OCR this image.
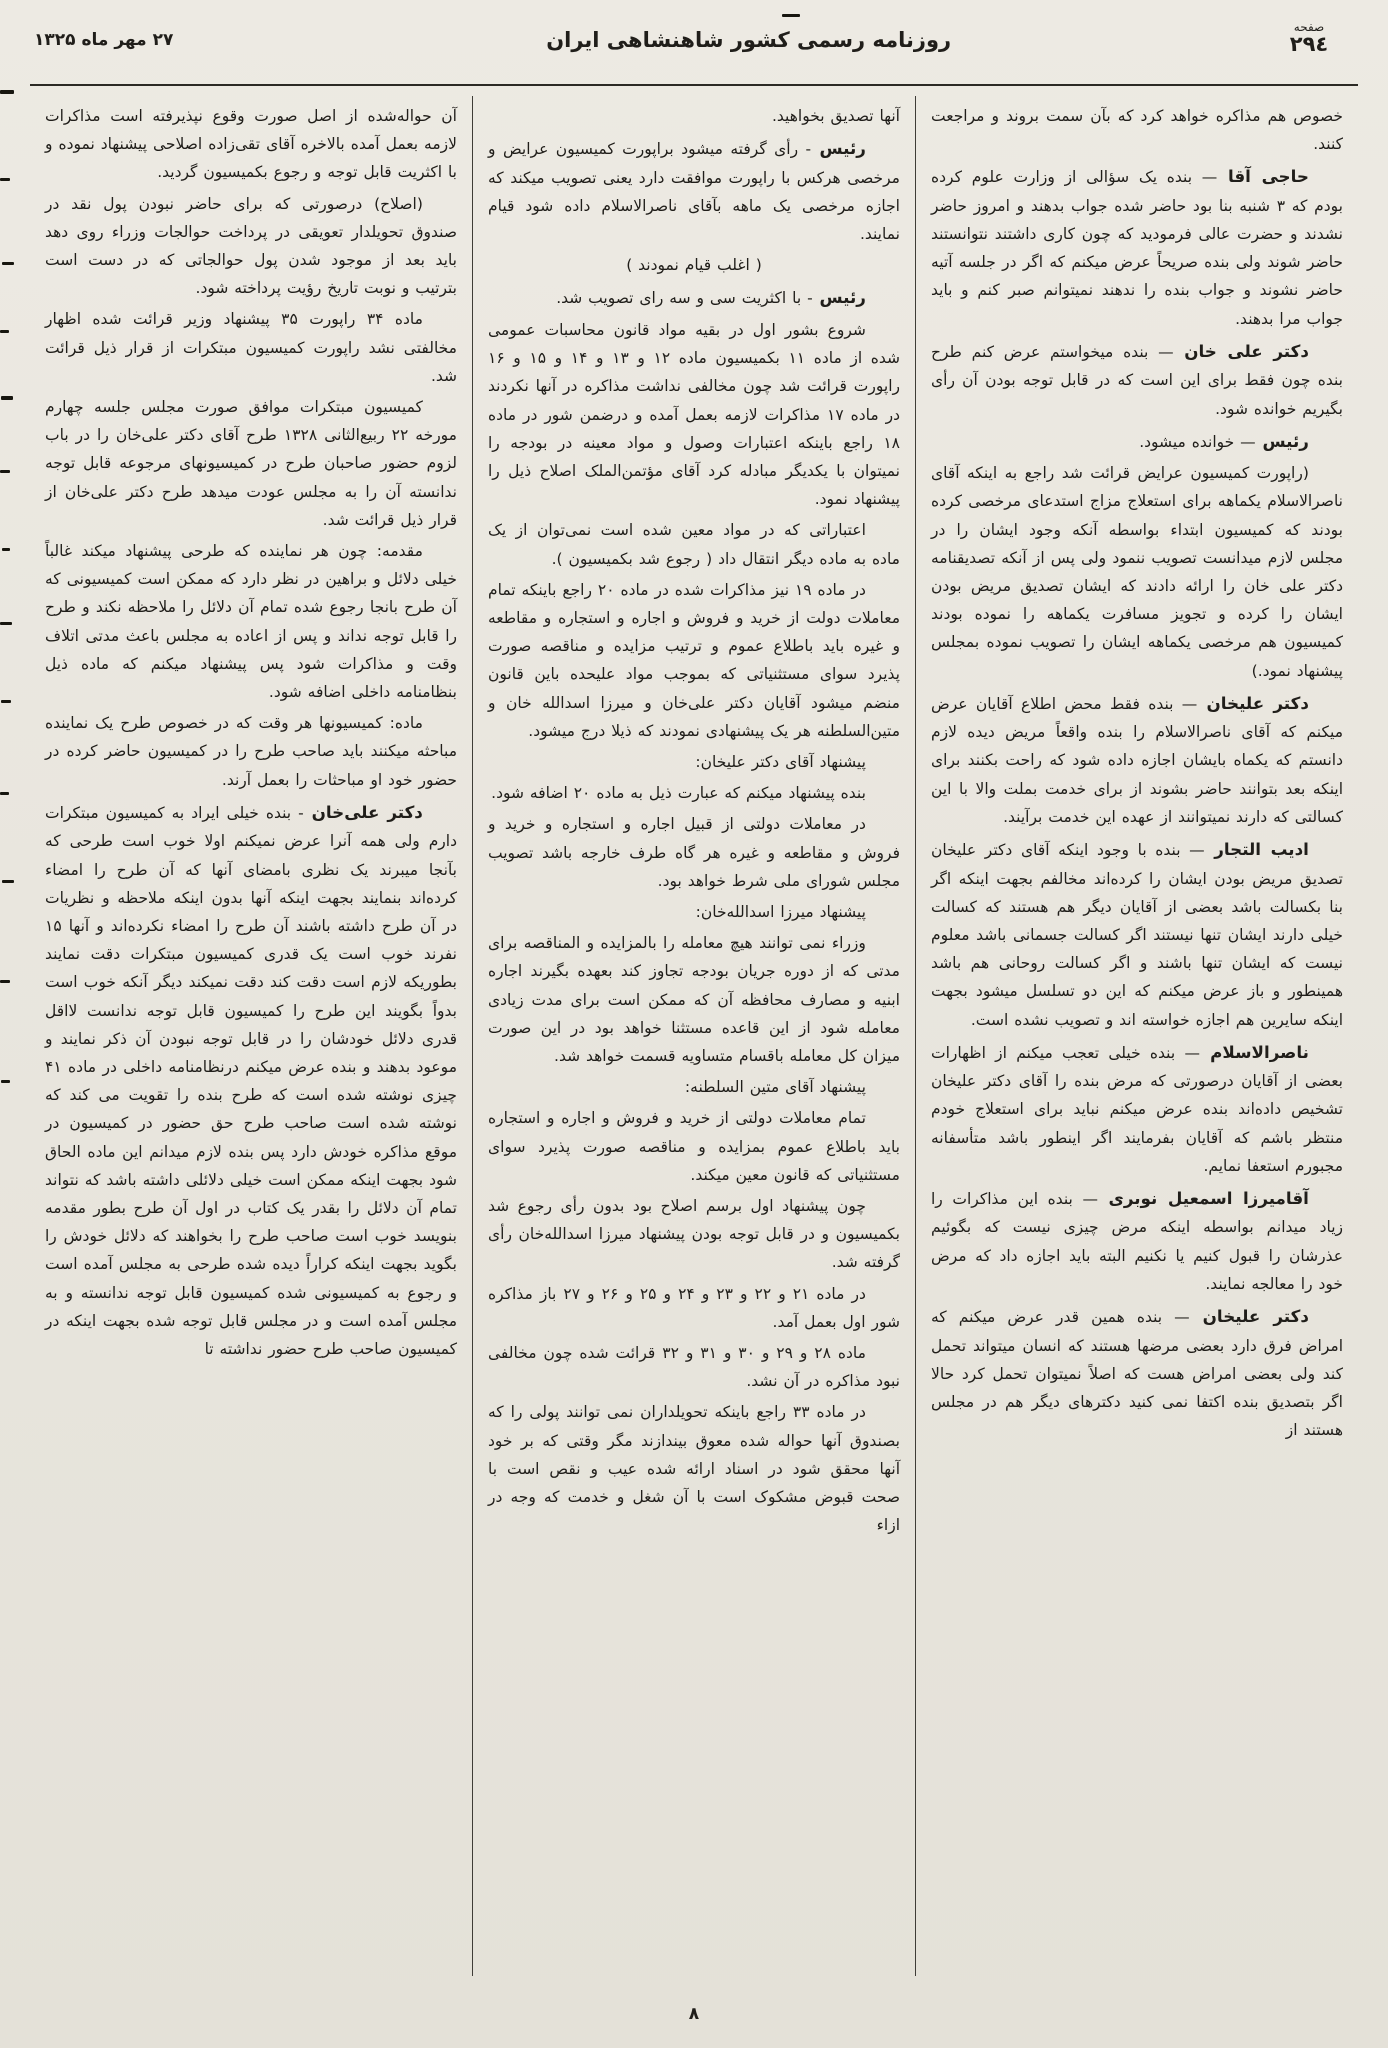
صفحه
۲۹٤
روزنامه رسمی کشور شاهنشاهی ایران
۲۷ مهر ماه ۱۳۲۵

خصوص هم مذاکره خواهد کرد که بآن سمت بروند و مراجعت کنند.

حاجی آقا — بنده یک سؤالی از وزارت علوم کرده بودم که ۳ شنبه بنا بود حاضر شده جواب بدهند و امروز حاضر نشدند و حضرت عالی فرمودید که چون کاری داشتند نتوانستند حاضر شوند ولی بنده صریحاً عرض میکنم که اگر در جلسه آتیه حاضر نشوند و جواب بنده را ندهند نمیتوانم صبر کنم و باید جواب مرا بدهند.

دکتر علی خان — بنده میخواستم عرض کنم طرح بنده چون فقط برای این است که در قابل توجه بودن آن رأی بگیریم خوانده شود.

رئیس — خوانده میشود.

(راپورت کمیسیون عرایض قرائت شد راجع به اینکه آقای ناصرالاسلام یکماهه برای استعلاج مزاج استدعای مرخصی کرده بودند که کمیسیون ابتداء بواسطه آنکه وجود ایشان را در مجلس لازم میدانست تصویب ننمود ولی پس از آنکه تصدیقنامه دکتر علی خان را ارائه دادند که ایشان تصدیق مریض بودن ایشان را کرده و تجویز مسافرت یکماهه را نموده بودند کمیسیون هم مرخصی یکماهه ایشان را تصویب نموده بمجلس پیشنهاد نمود.)

دکتر علیخان — بنده فقط محض اطلاع آقایان عرض میکنم که آقای ناصرالاسلام را بنده واقعاً مریض دیده لازم دانستم که یکماه بایشان اجازه داده شود که راحت بکنند برای اینکه بعد بتوانند حاضر بشوند از برای خدمت بملت والا با این کسالتی که دارند نمیتوانند از عهده این خدمت برآیند.

ادیب التجار — بنده با وجود اینکه آقای دکتر علیخان تصدیق مریض بودن ایشان را کرده‌اند مخالفم بجهت اینکه اگر بنا بکسالت باشد بعضی از آقایان دیگر هم هستند که کسالت خیلی دارند ایشان تنها نیستند اگر کسالت جسمانی باشد معلوم نیست که ایشان تنها باشند و اگر کسالت روحانی هم باشد همینطور و باز عرض میکنم که این دو تسلسل میشود بجهت اینکه سایرین هم اجازه خواسته اند و تصویب نشده است.

ناصرالاسلام — بنده خیلی تعجب میکنم از اظهارات بعضی از آقایان درصورتی که مرض بنده را آقای دکتر علیخان تشخیص داده‌اند بنده عرض میکنم نباید برای استعلاج خودم منتظر باشم که آقایان بفرمایند اگر اینطور باشد متأسفانه مجبورم استعفا نمایم.

آقامیرزا اسمعیل نوبری — بنده این مذاکرات را زیاد میدانم بواسطه اینکه مرض چیزی نیست که بگوئیم عذرشان را قبول کنیم یا نکنیم البته باید اجازه داد که مرض خود را معالجه نمایند.

دکتر علیخان — بنده همین قدر عرض میکنم که امراض فرق دارد بعضی مرضها هستند که انسان میتواند تحمل کند ولی بعضی امراض هست که اصلاً نمیتوان تحمل کرد حالا اگر بتصدیق بنده اکتفا نمی کنید دکترهای دیگر هم در مجلس هستند از

آنها تصدیق بخواهید.

رئیس - رأی گرفته میشود براپورت کمیسیون عرایض و مرخصی هرکس با راپورت موافقت دارد یعنی تصویب میکند که اجازه مرخصی یک ماهه بآقای ناصرالاسلام داده شود قیام نمایند.

( اغلب قیام نمودند )

رئیس - با اکثریت سی و سه رای تصویب شد.

شروع بشور اول در بقیه مواد قانون محاسبات عمومی شده از ماده ۱۱ بکمیسیون ماده ۱۲ و ۱۳ و ۱۴ و ۱۵ و ۱۶ راپورت قرائت شد چون مخالفی نداشت مذاکره در آنها نکردند در ماده ۱۷ مذاکرات لازمه بعمل آمده و درضمن شور در ماده ۱۸ راجع باینکه اعتبارات وصول و مواد معینه در بودجه را نمیتوان با یکدیگر مبادله کرد آقای مؤتمن‌الملک اصلاح ذیل را پیشنهاد نمود.

اعتباراتی که در مواد معین شده است نمی‌توان از یک ماده به ماده دیگر انتقال داد ( رجوع شد بکمیسیون ).

در ماده ۱۹ نیز مذاکرات شده در ماده ۲۰ راجع باینکه تمام معاملات دولت از خرید و فروش و اجاره و استجاره و مقاطعه و غیره باید باطلاع عموم و ترتیب مزایده و مناقصه صورت پذیرد سوای مستثنیاتی که بموجب مواد علیحده باین قانون منضم میشود آقایان دکتر علی‌خان و میرزا اسدالله خان و متین‌السلطنه هر یک پیشنهادی نمودند که ذیلا درج میشود.

پیشنهاد آقای دکتر علیخان:

بنده پیشنهاد میکنم که عبارت ذیل به ماده ۲۰ اضافه شود.

در معاملات دولتی از قبیل اجاره و استجاره و خرید و فروش و مقاطعه و غیره هر گاه طرف خارجه باشد تصویب مجلس شورای ملی شرط خواهد بود.

پیشنهاد میرزا اسدالله‌خان:

وزراء نمی توانند هیچ معامله را بالمزایده و المناقصه برای مدتی که از دوره جریان بودجه تجاوز کند بعهده بگیرند اجاره ابنیه و مصارف محافظه آن که ممکن است برای مدت زیادی معامله شود از این قاعده مستثنا خواهد بود در این صورت میزان کل معامله باقسام متساویه قسمت خواهد شد.

پیشنهاد آقای متین السلطنه:

تمام معاملات دولتی از خرید و فروش و اجاره و استجاره باید باطلاع عموم بمزایده و مناقصه صورت پذیرد سوای مستثنیاتی که قانون معین میکند.

چون پیشنهاد اول برسم اصلاح بود بدون رأی رجوع شد بکمیسیون و در قابل توجه بودن پیشنهاد میرزا اسدالله‌خان رأی گرفته شد.

در ماده ۲۱ و ۲۲ و ۲۳ و ۲۴ و ۲۵ و ۲۶ و ۲۷ باز مذاکره شور اول بعمل آمد.

ماده ۲۸ و ۲۹ و ۳۰ و ۳۱ و ۳۲ قرائت شده چون مخالفی نبود مذاکره در آن نشد.

در ماده ۳۳ راجع باینکه تحویلداران نمی توانند پولی را که بصندوق آنها حواله شده معوق بیندازند مگر وقتی که بر خود آنها محقق شود در اسناد ارائه شده عیب و نقص است با صحت قبوض مشکوک است با آن شغل و خدمت که وجه در ازاء

آن حواله‌شده از اصل صورت وقوع نپذیرفته است مذاکرات لازمه بعمل آمده بالاخره آقای تقی‌زاده اصلاحی پیشنهاد نموده و با اکثریت قابل توجه و رجوع بکمیسیون گردید.

(اصلاح) درصورتی که برای حاضر نبودن پول نقد در صندوق تحویلدار تعویقی در پرداخت حوالجات وزراء روی دهد باید بعد از موجود شدن پول حوالجاتی که در دست است بترتیب و نوبت تاریخ رؤیت پرداخته شود.

ماده ۳۴ راپورت ۳۵ پیشنهاد وزیر قرائت شده اظهار مخالفتی نشد راپورت کمیسیون مبتکرات از قرار ذیل قرائت شد.

کمیسیون مبتکرات موافق صورت مجلس جلسه چهارم مورخه ۲۲ ربیع‌الثانی ۱۳۲۸ طرح آقای دکتر علی‌خان را در باب لزوم حضور صاحبان طرح در کمیسیونهای مرجوعه قابل توجه ندانسته آن را به مجلس عودت میدهد طرح دکتر علی‌خان از قرار ذیل قرائت شد.

مقدمه: چون هر نماینده که طرحی پیشنهاد میکند غالباً خیلی دلائل و براهین در نظر دارد که ممکن است کمیسیونی که آن طرح بانجا رجوع شده تمام آن دلائل را ملاحظه نکند و طرح را قابل توجه نداند و پس از اعاده به مجلس باعث مدتی اتلاف وقت و مذاکرات شود پس پیشنهاد میکنم که ماده ذیل بنظامنامه داخلی اضافه شود.

ماده: کمیسیونها هر وقت که در خصوص طرح یک نماینده مباحثه میکنند باید صاحب طرح را در کمیسیون حاضر کرده در حضور خود او مباحثات را بعمل آرند.

دکتر علی‌خان - بنده خیلی ایراد به کمیسیون مبتکرات دارم ولی همه آنرا عرض نمیکنم اولا خوب است طرحی که بآنجا میبرند یک نظری بامضای آنها که آن طرح را امضاء کرده‌اند بنمایند بجهت اینکه آنها بدون اینکه ملاحظه و نظریات در آن طرح داشته باشند آن طرح را امضاء نکرده‌اند و آنها ۱۵ نفرند خوب است یک قدری کمیسیون مبتکرات دقت نمایند بطوریکه لازم است دقت کند دقت نمیکند دیگر آنکه خوب است بدواً بگویند این طرح را کمیسیون قابل توجه ندانست لااقل قدری دلائل خودشان را در قابل توجه نبودن آن ذکر نمایند و موعود بدهند و بنده عرض میکنم درنظامنامه داخلی در ماده ۴۱ چیزی نوشته شده است که طرح بنده را تقویت می کند که نوشته شده است صاحب طرح حق حضور در کمیسیون در موقع مذاکره خودش دارد پس بنده لازم میدانم این ماده الحاق شود بجهت اینکه ممکن است خیلی دلائلی داشته باشد که نتواند تمام آن دلائل را بقدر یک کتاب در اول آن طرح بطور مقدمه بنویسد خوب است صاحب طرح را بخواهند که دلائل خودش را بگوید بجهت اینکه کراراً دیده شده طرحی به مجلس آمده است و رجوع به کمیسیونی شده کمیسیون قابل توجه ندانسته و به مجلس آمده است و در مجلس قابل توجه شده بجهت اینکه در کمیسیون صاحب طرح حضور نداشته تا

۸
